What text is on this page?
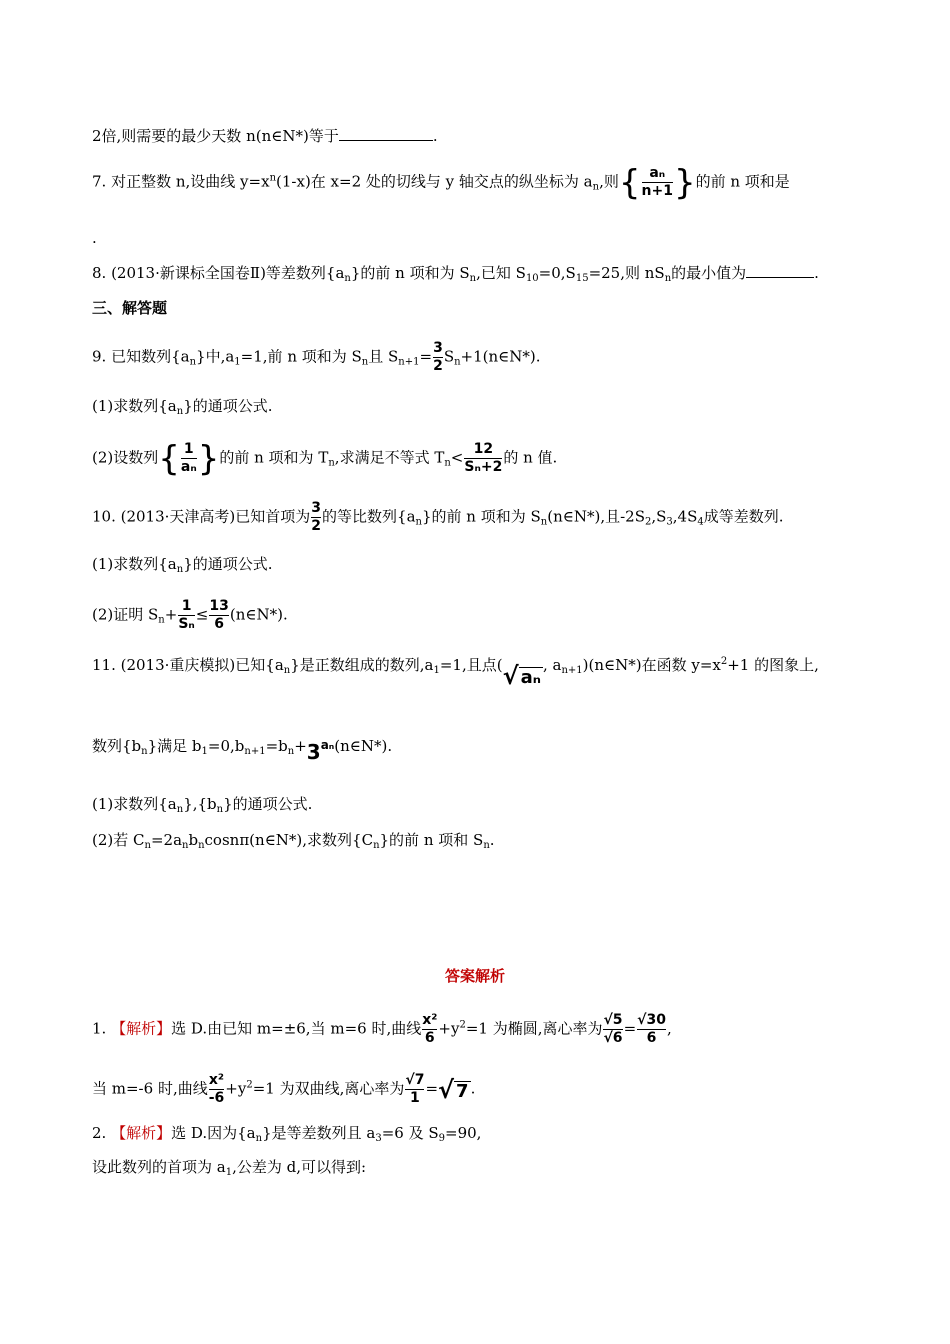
2倍,则需要的最少天数 n(n∈N*)等于	.
7. 对正整数 n,设曲线 $y=x^n(1-x)$在 x=2 处的切线与 y 轴交点的纵坐标为 $a_n$,则 { $\frac{\text{aₙ}}{n+1}$ } 的前 n 项和是
.
8. (2013·新课标全国卷Ⅱ)等差数列$\{a_n\}$的前 n 项和为 $S_n$,已知 $S_{10}=0,S_{15}=25$,则 $nS_n$的最小值为	.
三、解答题
9. 已知数列$\{a_n\}$中$,a_1=1$,前 n 项和为 $S_n$且 $S_{n+1}= \frac{3}{2}$ $S_n+1(n\in N*)$.
(1)求数列$\{a_n\}$的通项公式.
(2)设数列 { $\frac{1}{\text{aₙ}}$ } 的前 n 项和为 $T_n$,求满足不等式 $T_n< \frac{12}{\text{Sₙ+2}}$ 的 n 值.
10. (2013·天津高考)已知首项为 $\frac{3}{2}$ 的等比数列$\{a_n\}$的前 n 项和为 $S_n(n\in N*)$,且$-2S_2,S_3,4S_4$成等差数列.
(1)求数列$\{a_n\}$的通项公式.
(2)证明 $S_n+ \frac{1}{\text{Sₙ}} \le \frac{13}{6}$ (n∈N*).
11. (2013·重庆模拟)已知$\{a_n\}$是正数组成的数列$,a_1=1$,且点( √ aₙ
, $a_{n+1})(n\in N*)$在函数 $y=x^2+1$ 的图象上,
数列$\{b_n\}$满足 $b_1=0,b_{n+1}=b_n+3a_n(n\in N*)$.
(1)求数列$\{a_n\},\{b_n\}$的通项公式.
(2)若 $C_n=2a_nb_n\cos n\pi(n\in N*)$,求数列$\{C_n\}$的前 n 项和 $S_n$.
答案解析
1. 【解析】选 D.由已知 m=±6,当 m=6 时,曲线 $\frac{\text{x²}}{6} +y^2=1$ 为椭圆,离心率为 $\frac{√5}{√6} = \frac{√30}{6}$ ,
当 m=-6 时,曲线 $\frac{\text{x²}}{-6} +y^2=1$ 为双曲线,离心率为 $\frac{√7}{1}$ = √ 7 .
2. 【解析】选 D.因为$\{a_n\}$是等差数列且 $a_3=6$ 及 $S_9=90$,
设此数列的首项为 $a_1$,公差为 d,可以得到:
